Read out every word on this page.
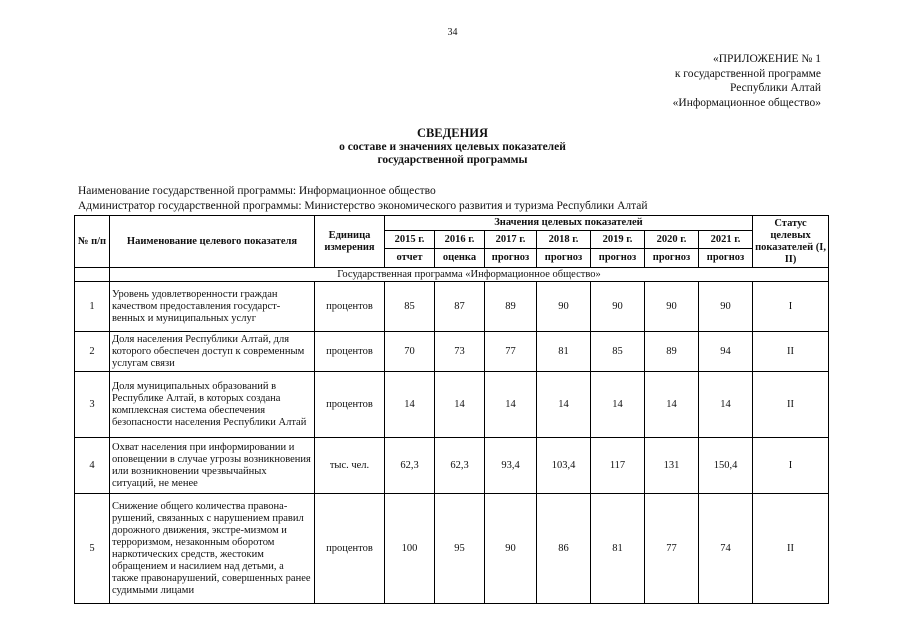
34
«ПРИЛОЖЕНИЕ № 1
к государственной программе
Республики Алтай
«Информационное общество»
СВЕДЕНИЯ
о составе и значениях целевых показателей
государственной программы
Наименование государственной программы: Информационное общество
Администратор государственной программы: Министерство экономического развития и туризма Республики Алтай
№ п/п	Наименование целевого показателя	Единица измерения	Значения целевых показателей							Статус целевых показателей (I, II)
			2015 г.	2016 г.	2017 г.	2018 г.	2019 г.	2020 г.	2021 г.	
			отчет	оценка	прогноз	прогноз	прогноз	прогноз	прогноз	
	Государственная программа «Информационное общество»									
1	Уровень удовлетворенности граждан качеством предоставления государст-венных и муниципальных услуг	процентов	85	87	89	90	90	90	90	I
2	Доля населения Республики Алтай, для которого обеспечен доступ к современным услугам связи	процентов	70	73	77	81	85	89	94	II
3	Доля муниципальных образований в Республике Алтай, в которых создана комплексная система обеспечения безопасности населения Республики Алтай	процентов	14	14	14	14	14	14	14	II
4	Охват населения при информировании и оповещении в случае угрозы возникновения или возникновении чрезвычайных ситуаций, не менее	тыс. чел.	62,3	62,3	93,4	103,4	117	131	150,4	I
5	Снижение общего количества правона-рушений, связанных с нарушением правил дорожного движения, экстре-мизмом и терроризмом, незаконным оборотом наркотических средств, жестоким обращением и насилием над детьми, а также правонарушений, совершенных ранее судимыми лицами	процентов	100	95	90	86	81	77	74	II
